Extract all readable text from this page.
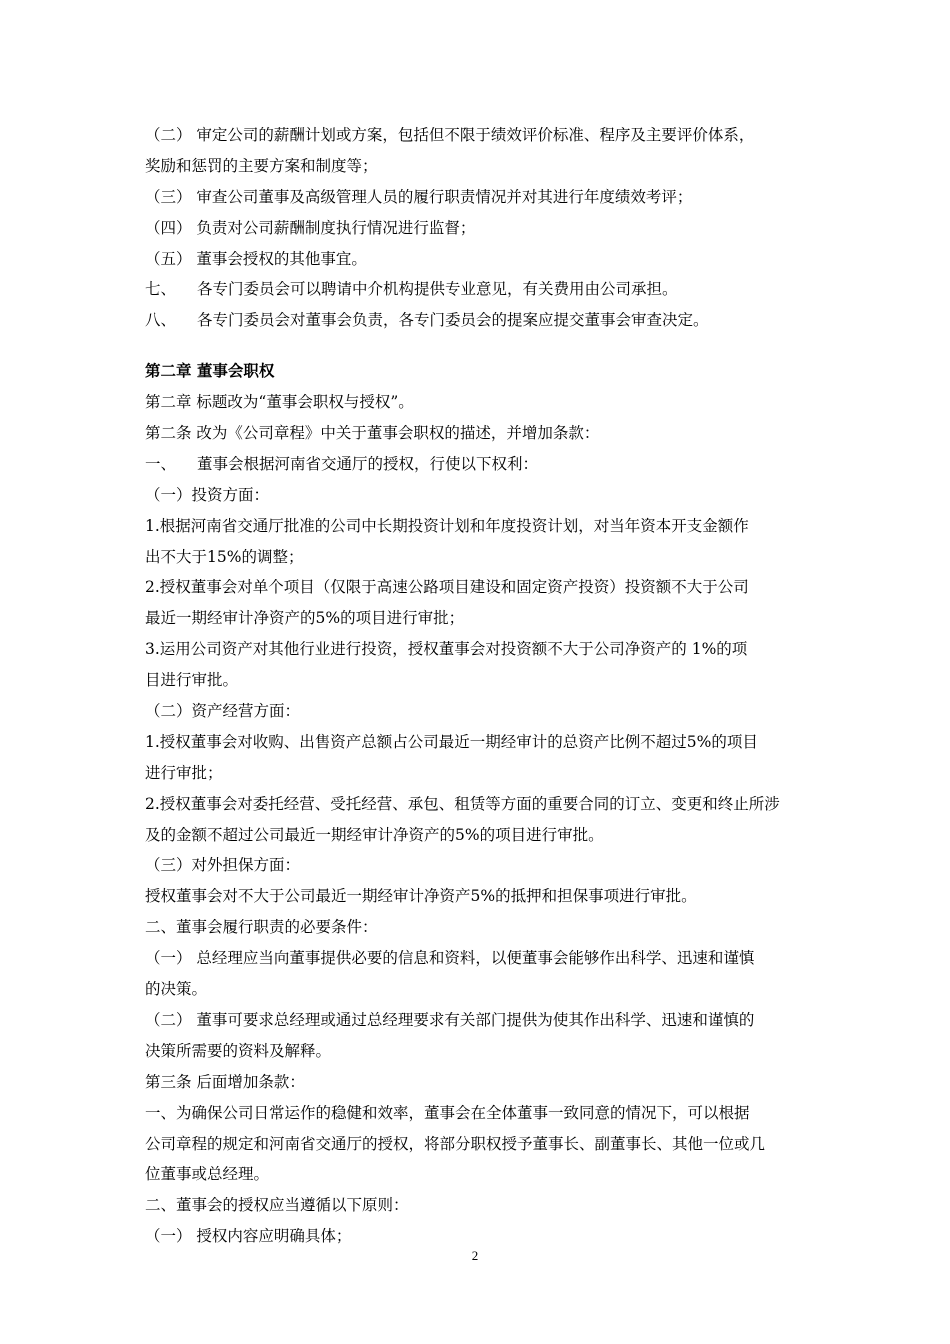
（二） 审定公司的薪酬计划或方案，包括但不限于绩效评价标准、程序及主要评价体系，
奖励和惩罚的主要方案和制度等；
（三） 审查公司董事及高级管理人员的履行职责情况并对其进行年度绩效考评；
（四） 负责对公司薪酬制度执行情况进行监督；
（五） 董事会授权的其他事宜。
七、 各专门委员会可以聘请中介机构提供专业意见，有关费用由公司承担。
八、 各专门委员会对董事会负责，各专门委员会的提案应提交董事会审查决定。
第二章 董事会职权
第二章 标题改为“董事会职权与授权”。
第二条 改为《公司章程》中关于董事会职权的描述，并增加条款：
一、 董事会根据河南省交通厅的授权，行使以下权利：
（一）投资方面：
1.根据河南省交通厅批准的公司中长期投资计划和年度投资计划，对当年资本开支金额作
出不大于15%的调整；
2.授权董事会对单个项目（仅限于高速公路项目建设和固定资产投资）投资额不大于公司
最近一期经审计净资产的5%的项目进行审批；
3.运用公司资产对其他行业进行投资，授权董事会对投资额不大于公司净资产的 1%的项
目进行审批。
（二）资产经营方面：
1.授权董事会对收购、出售资产总额占公司最近一期经审计的总资产比例不超过5%的项目
进行审批；
2.授权董事会对委托经营、受托经营、承包、租赁等方面的重要合同的订立、变更和终止所涉
及的金额不超过公司最近一期经审计净资产的5%的项目进行审批。
（三）对外担保方面：
授权董事会对不大于公司最近一期经审计净资产5%的抵押和担保事项进行审批。
二、董事会履行职责的必要条件：
（一） 总经理应当向董事提供必要的信息和资料，以便董事会能够作出科学、迅速和谨慎
的决策。
（二） 董事可要求总经理或通过总经理要求有关部门提供为使其作出科学、迅速和谨慎的
决策所需要的资料及解释。
第三条 后面增加条款：
一、为确保公司日常运作的稳健和效率，董事会在全体董事一致同意的情况下，可以根据
公司章程的规定和河南省交通厅的授权，将部分职权授予董事长、副董事长、其他一位或几
位董事或总经理。
二、董事会的授权应当遵循以下原则：
（一） 授权内容应明确具体；
2
